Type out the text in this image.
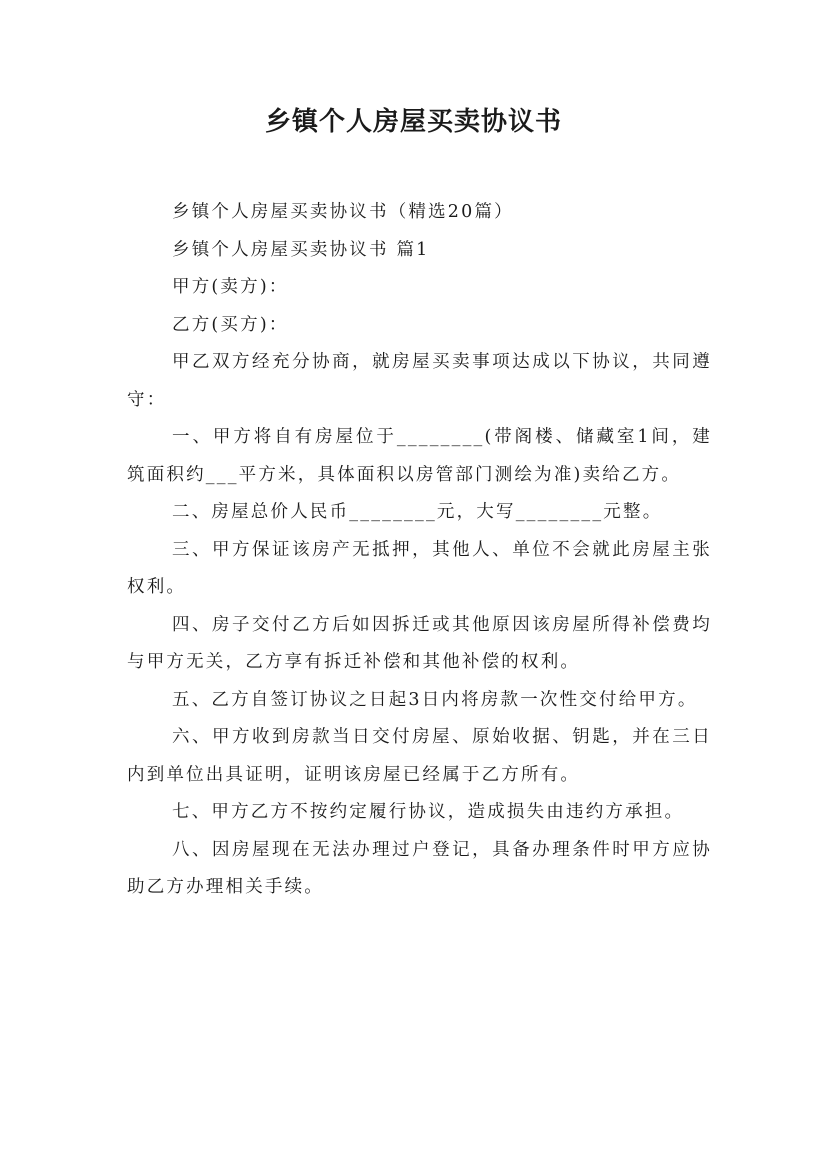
乡镇个人房屋买卖协议书

乡镇个人房屋买卖协议书（精选20篇）

乡镇个人房屋买卖协议书 篇1

甲方(卖方)：

乙方(买方)：

甲乙双方经充分协商，就房屋买卖事项达成以下协议，共同遵守：

一、甲方将自有房屋位于________(带阁楼、储藏室1间，建筑面积约___平方米，具体面积以房管部门测绘为准)卖给乙方。

二、房屋总价人民币________元，大写________元整。

三、甲方保证该房产无抵押，其他人、单位不会就此房屋主张权利。

四、房子交付乙方后如因拆迁或其他原因该房屋所得补偿费均与甲方无关，乙方享有拆迁补偿和其他补偿的权利。

五、乙方自签订协议之日起3日内将房款一次性交付给甲方。

六、甲方收到房款当日交付房屋、原始收据、钥匙，并在三日内到单位出具证明，证明该房屋已经属于乙方所有。

七、甲方乙方不按约定履行协议，造成损失由违约方承担。

八、因房屋现在无法办理过户登记，具备办理条件时甲方应协助乙方办理相关手续。
